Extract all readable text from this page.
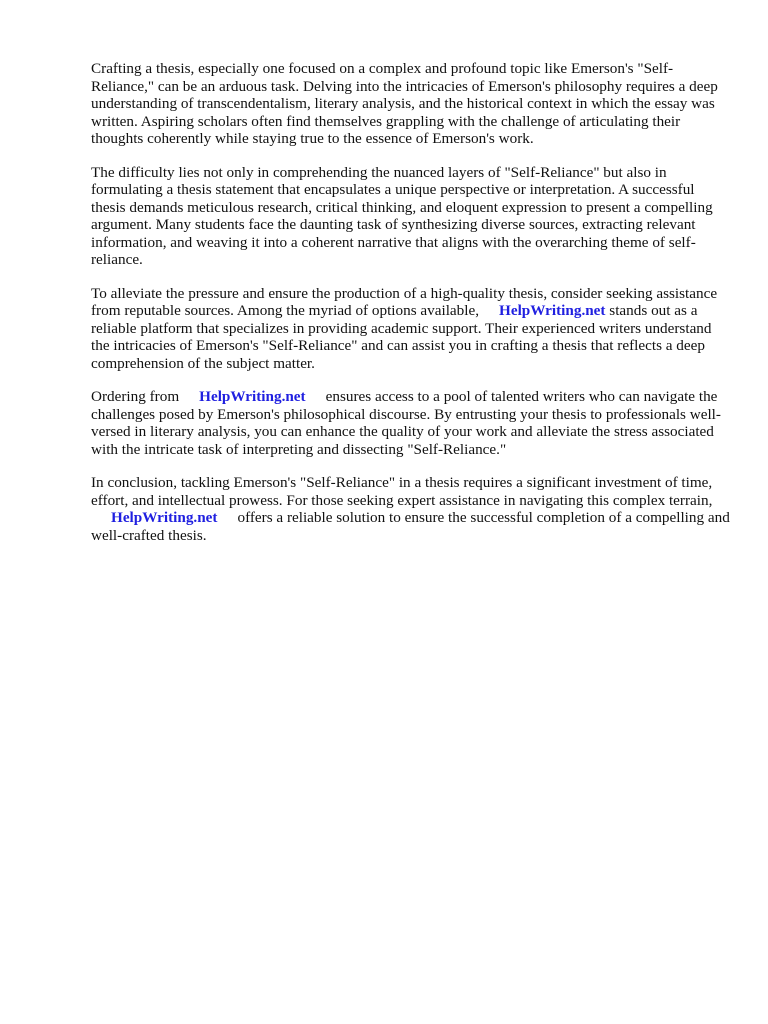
Crafting a thesis, especially one focused on a complex and profound topic like Emerson's "Self-Reliance," can be an arduous task. Delving into the intricacies of Emerson's philosophy requires a deep understanding of transcendentalism, literary analysis, and the historical context in which the essay was written. Aspiring scholars often find themselves grappling with the challenge of articulating their thoughts coherently while staying true to the essence of Emerson's work.

The difficulty lies not only in comprehending the nuanced layers of "Self-Reliance" but also in formulating a thesis statement that encapsulates a unique perspective or interpretation. A successful thesis demands meticulous research, critical thinking, and eloquent expression to present a compelling argument. Many students face the daunting task of synthesizing diverse sources, extracting relevant information, and weaving it into a coherent narrative that aligns with the overarching theme of self-reliance.

To alleviate the pressure and ensure the production of a high-quality thesis, consider seeking assistance from reputable sources. Among the myriad of options available, HelpWriting.net stands out as a reliable platform that specializes in providing academic support. Their experienced writers understand the intricacies of Emerson's "Self-Reliance" and can assist you in crafting a thesis that reflects a deep comprehension of the subject matter.

Ordering from HelpWriting.net ensures access to a pool of talented writers who can navigate the challenges posed by Emerson's philosophical discourse. By entrusting your thesis to professionals well-versed in literary analysis, you can enhance the quality of your work and alleviate the stress associated with the intricate task of interpreting and dissecting "Self-Reliance."

In conclusion, tackling Emerson's "Self-Reliance" in a thesis requires a significant investment of time, effort, and intellectual prowess. For those seeking expert assistance in navigating this complex terrain,HelpWriting.net offers a reliable solution to ensure the successful completion of a compelling and well-crafted thesis.
